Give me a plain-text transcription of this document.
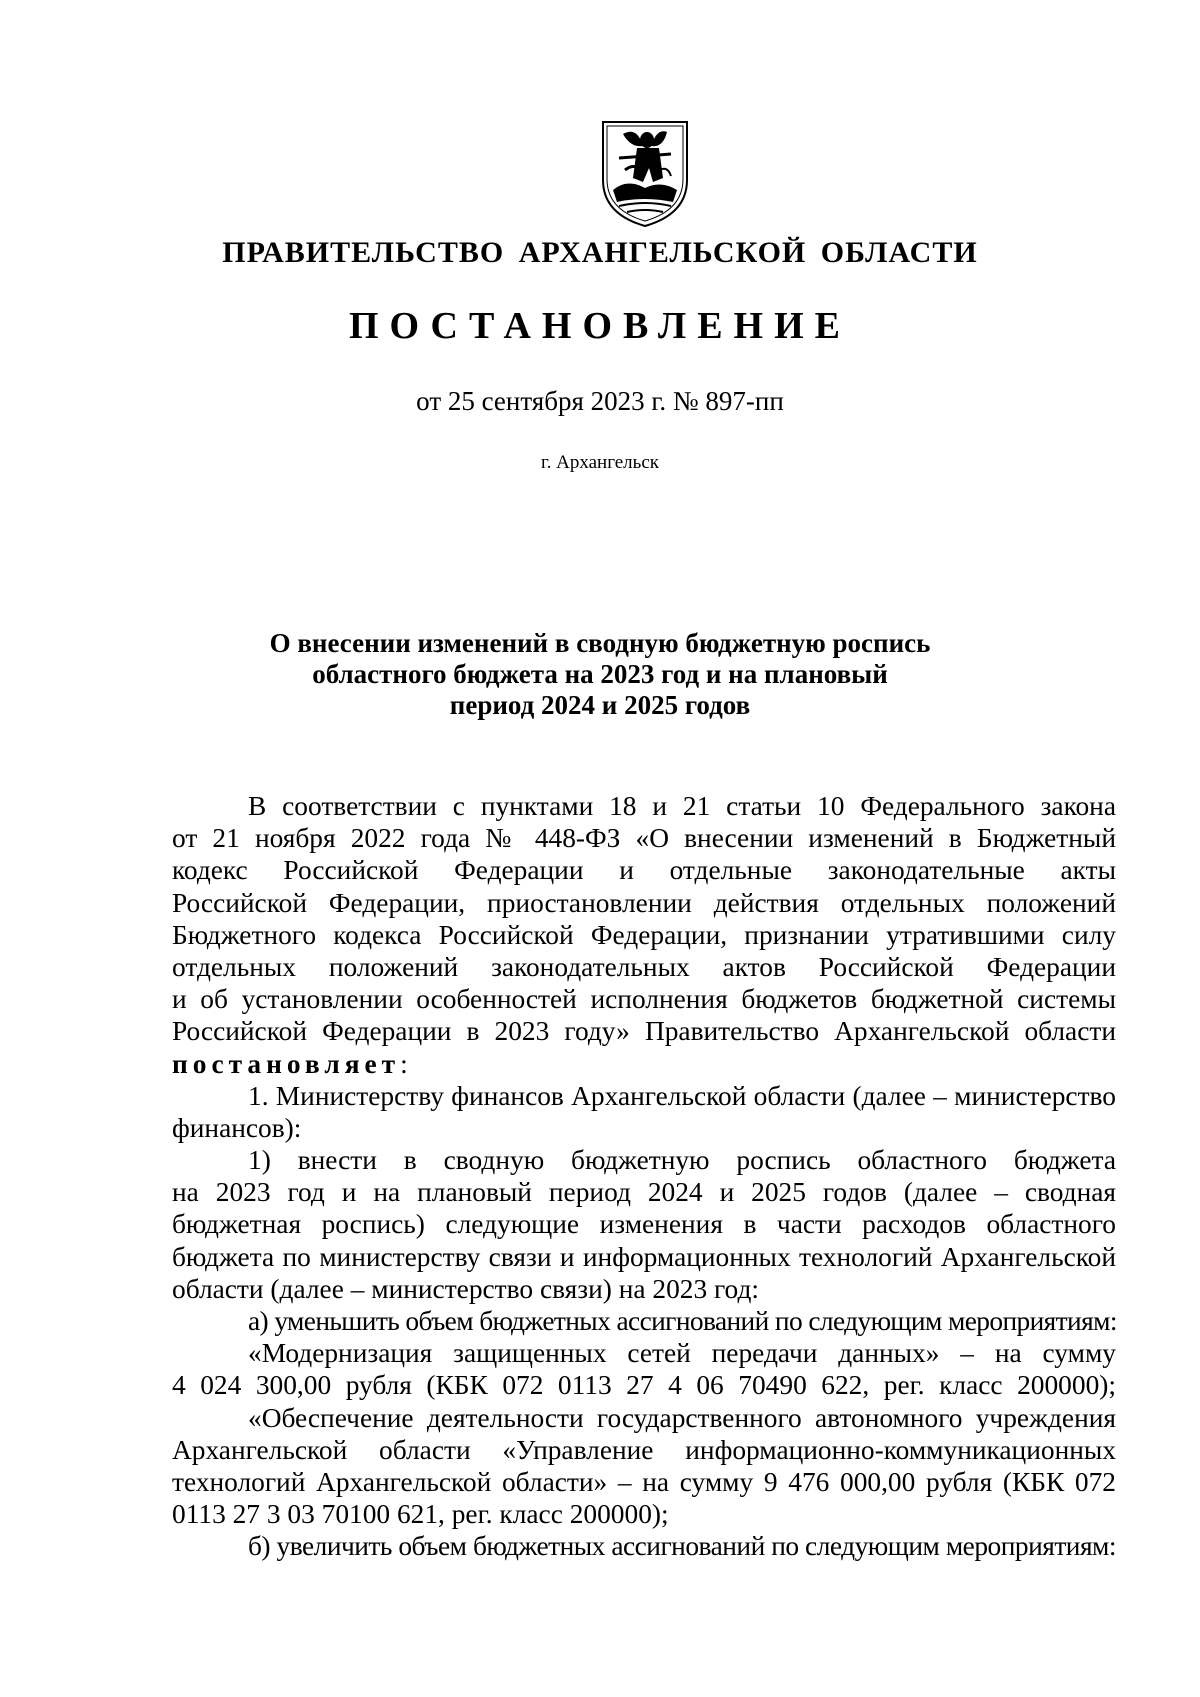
ПРАВИТЕЛЬСТВО АРХАНГЕЛЬСКОЙ ОБЛАСТИ
ПОСТАНОВЛЕНИЕ
от 25 сентября 2023 г. № 897-пп
г. Архангельск
О внесении изменений в сводную бюджетную роспись
областного бюджета на 2023 год и на плановый
период 2024 и 2025 годов
В соответствии с пунктами 18 и 21 статьи 10 Федерального закона
от 21 ноября 2022 года № 448-ФЗ «О внесении изменений в Бюджетный
кодекс Российской Федерации и отдельные законодательные акты
Российской Федерации, приостановлении действия отдельных положений
Бюджетного кодекса Российской Федерации, признании утратившими силу
отдельных положений законодательных актов Российской Федерации
и об установлении особенностей исполнения бюджетов бюджетной системы
Российской Федерации в 2023 году» Правительство Архангельской области
постановляет:
1. Министерству финансов Архангельской области (далее – министерство
финансов):
1) внести в сводную бюджетную роспись областного бюджета
на 2023 год и на плановый период 2024 и 2025 годов (далее – сводная
бюджетная роспись) следующие изменения в части расходов областного
бюджета по министерству связи и информационных технологий Архангельской
области (далее – министерство связи) на 2023 год:
а) уменьшить объем бюджетных ассигнований по следующим мероприятиям:
«Модернизация защищенных сетей передачи данных» – на сумму
4 024 300,00 рубля (КБК 072 0113 27 4 06 70490 622, рег. класс 200000);
«Обеспечение деятельности государственного автономного учреждения
Архангельской области «Управление информационно-коммуникационных
технологий Архангельской области» – на сумму 9 476 000,00 рубля (КБК 072
0113 27 3 03 70100 621, рег. класс 200000);
б) увеличить объем бюджетных ассигнований по следующим мероприятиям:
